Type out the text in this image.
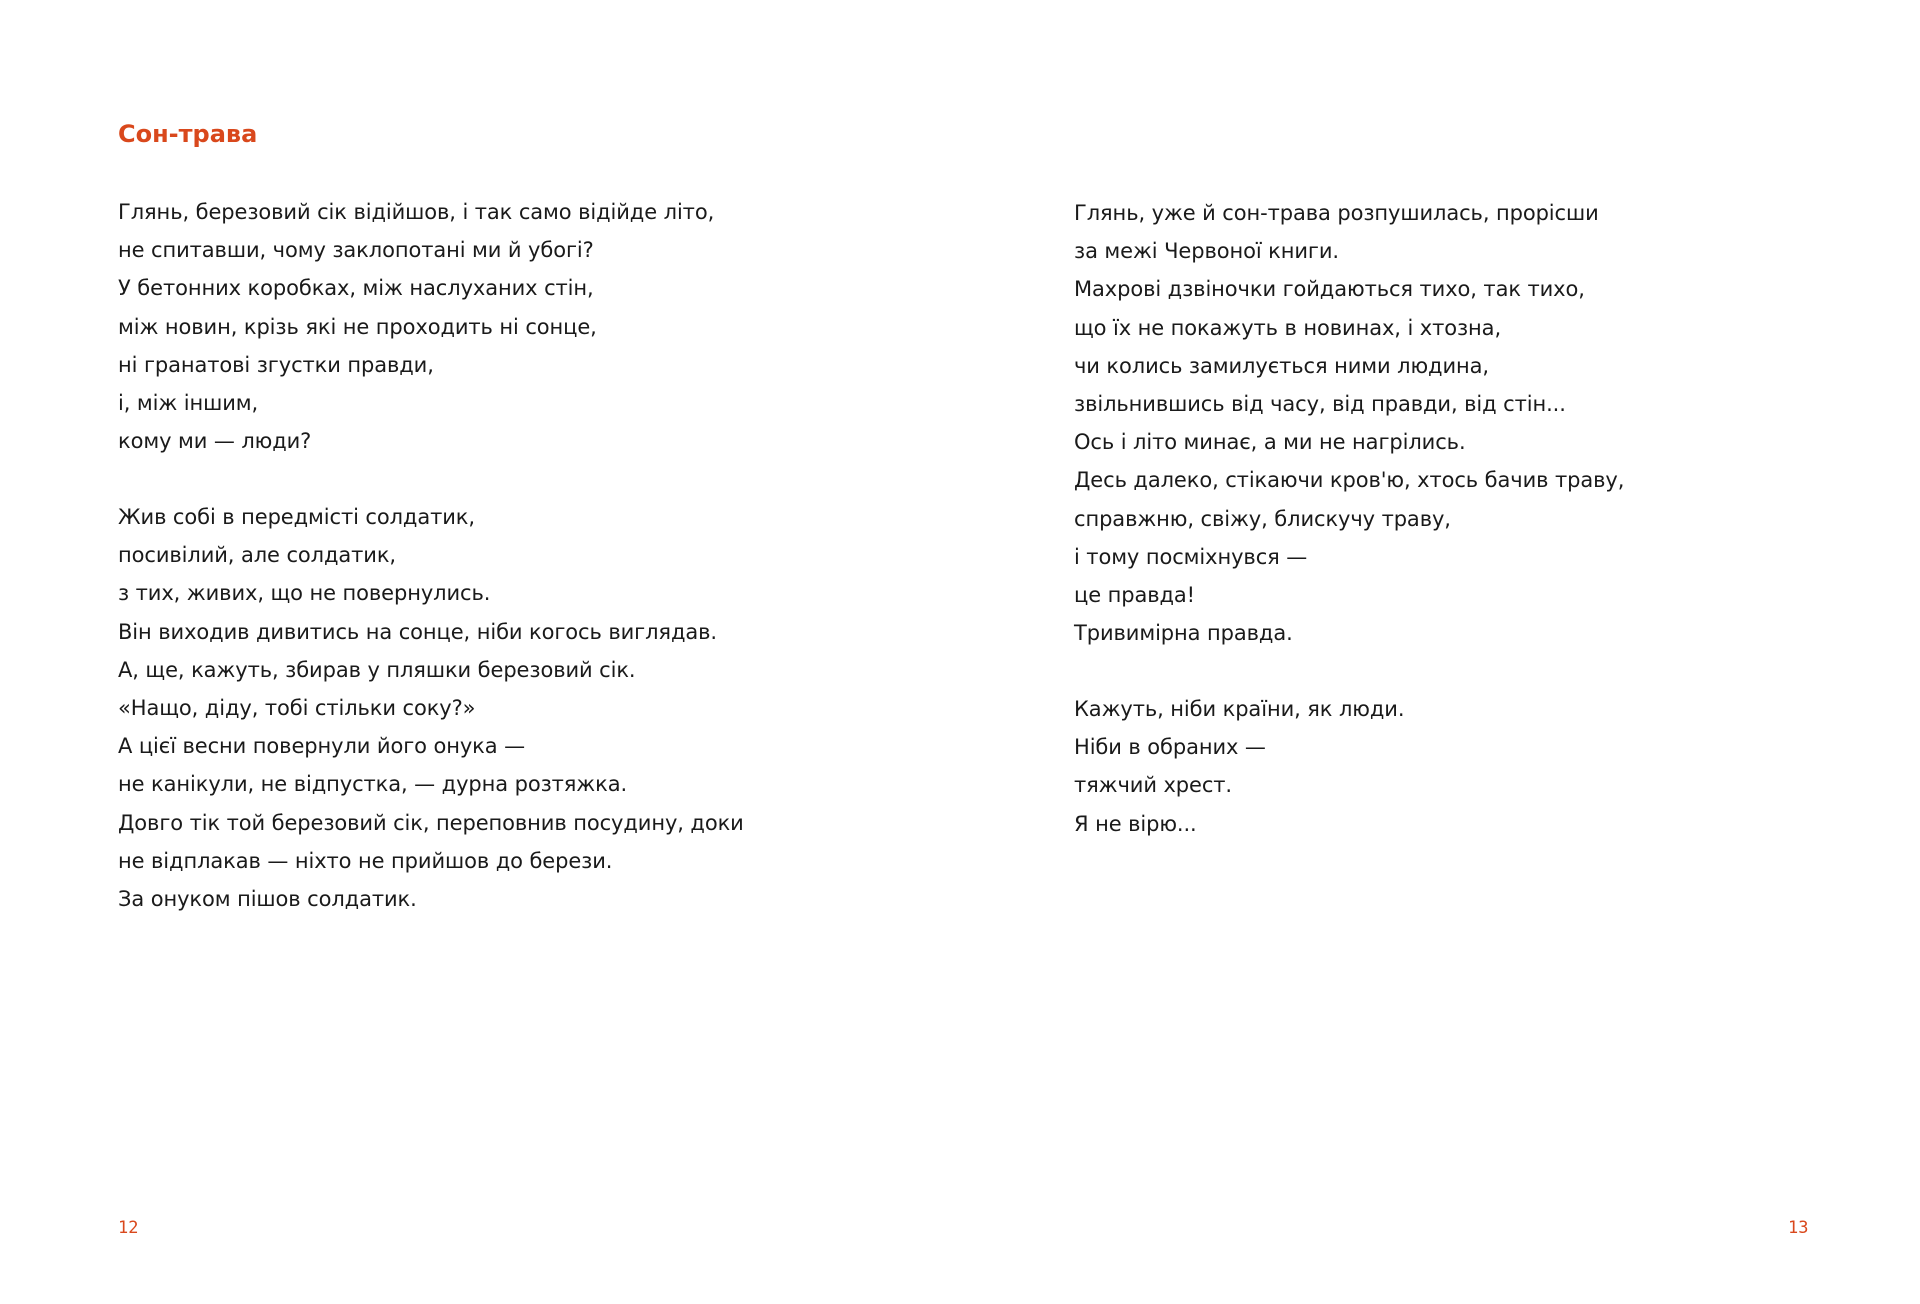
Сон-трава
Глянь, березовий сік відійшов, і так само відійде літо,
не спитавши, чому заклопотані ми й убогі?
У бетонних коробках, між наслуханих стін,
між новин, крізь які не проходить ні сонце,
ні гранатові згустки правди,
і, між іншим,
кому ми — люди?
Жив собі в передмісті солдатик,
посивілий, але солдатик,
з тих, живих, що не повернулись.
Він виходив дивитись на сонце, ніби когось виглядав.
А, ще, кажуть, збирав у пляшки березовий сік.
«Нащо, діду, тобі стільки соку?»
А цієї весни повернули його онука —
не канікули, не відпустка, — дурна розтяжка.
Довго тік той березовий сік, переповнив посудину, доки
не відплакав — ніхто не прийшов до берези.
За онуком пішов солдатик.
12
Глянь, уже й сон-трава розпушилась, прорісши
за межі Червоної книги.
Махрові дзвіночки гойдаються тихо, так тихо,
що їх не покажуть в новинах, і хтозна,
чи колись замилується ними людина,
звільнившись від часу, від правди, від стін...
Ось і літо минає, а ми не нагрілись.
Десь далеко, стікаючи кров'ю, хтось бачив траву,
справжню, свіжу, блискучу траву,
і тому посміхнувся —
це правда!
Тривимірна правда.
Кажуть, ніби країни, як люди.
Ніби в обраних —
тяжчий хрест.
Я не вірю...
13
